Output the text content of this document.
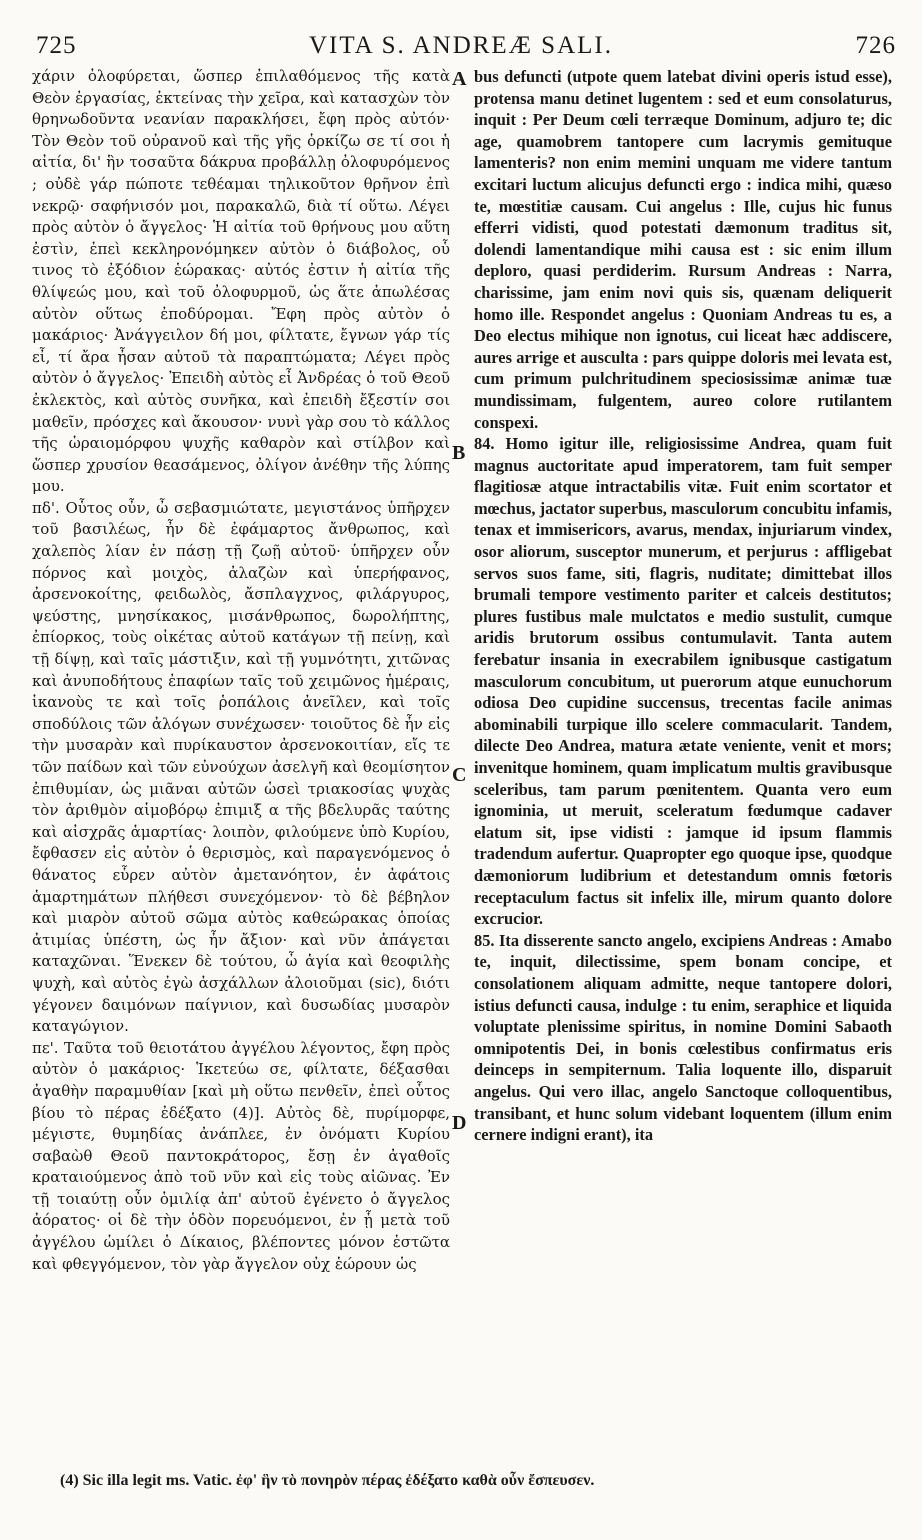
725	VITA S. ANDREÆ SALI.	726

χάριν ὀλοφύρεται, ὥσπερ ἐπιλαθόμενος τῆς κατὰ Θεὸν ἐργασίας, ἐκτείνας τὴν χεῖρα, καὶ κατασχὼν τὸν θρηνωδοῦντα νεανίαν παρακλήσει, ἔφη πρὸς αὐτόν· Τὸν Θεὸν τοῦ οὐρανοῦ καὶ τῆς γῆς ὁρκίζω σε τί σοι ἡ αἰτία, δι' ἣν τοσαῦτα δάκρυα προβάλλῃ ὀλοφυρόμενος ; οὐδὲ γάρ πώποτε τεθέαμαι τηλικοῦτον θρῆνον ἐπὶ νεκρῷ· σαφήνισόν μοι, παρακαλῶ, διὰ τί οὕτω. Λέγει πρὸς αὐτὸν ὁ ἄγγελος· Ἡ αἰτία τοῦ θρήνους μου αὕτη ἐστὶν, ἐπεὶ κεκληρονόμηκεν αὐτὸν ὁ διάβολος, οὗ τινος τὸ ἐξόδιον ἑώρακας· αὐτός ἐστιν ἡ αἰτία τῆς θλίψεώς μου, καὶ τοῦ ὀλοφυρμοῦ, ὡς ἅτε ἀπωλέσας αὐτὸν οὕτως ἐποδύρομαι. Ἔφη πρὸς αὐτὸν ὁ μακάριος· Ἀνάγγειλον δή μοι, φίλτατε, ἔγνων γάρ τίς εἶ, τί ἄρα ἦσαν αὐτοῦ τὰ παραπτώματα; Λέγει πρὸς αὐτὸν ὁ ἄγγελος· Ἐπειδὴ αὐτὸς εἶ Ἀνδρέας ὁ τοῦ Θεοῦ ἐκλεκτὸς, καὶ αὐτὸς συνῆκα, καὶ ἐπειδὴ ἔξεστίν σοι μαθεῖν, πρόσχες καὶ ἄκουσον· νυνὶ γὰρ σου τὸ κάλλος τῆς ὡραιομόρφου ψυχῆς καθαρὸν καὶ στίλβον καὶ ὥσπερ χρυσίον θεασάμενος, ὀλίγον ἀνέθην τῆς λύπης μου.

πδ'. Οὗτος οὖν, ὦ σεβασμιώτατε, μεγιστάνος ὑπῆρχεν τοῦ βασιλέως, ἦν δὲ ἐφάμαρτος ἄνθρωπος, καὶ χαλεπὸς λίαν ἐν πάσῃ τῇ ζωῇ αὐτοῦ· ὑπῆρχεν οὖν πόρνος καὶ μοιχὸς, ἀλαζὼν καὶ ὑπερήφανος, ἀρσενοκοίτης, φειδωλὸς, ἄσπλαγχνος, φιλάργυρος, ψεύστης, μνησίκακος, μισάνθρωπος, δωρολήπτης, ἐπίορκος, τοὺς οἰκέτας αὐτοῦ κατάγων τῇ πείνῃ, καὶ τῇ δίψῃ, καὶ ταῖς μάστιξιν, καὶ τῇ γυμνότητι, χιτῶνας καὶ ἀνυποδήτους ἐπαφίων ταῖς τοῦ χειμῶνος ἡμέραις, ἱκανοὺς τε καὶ τοῖς ῥοπάλοις ἀνεῖλεν, καὶ τοῖς σποδύλοις τῶν ἀλόγων συνέχωσεν· τοιοῦτος δὲ ἦν εἰς τὴν μυσαρὰν καὶ πυρίκαυστον ἀρσενοκοιτίαν, εἴς τε τῶν παίδων καὶ τῶν εὐνούχων ἀσελγῆ καὶ θεομίσητον ἐπιθυμίαν, ὡς μιᾶναι αὐτῶν ὡσεὶ τριακοσίας ψυχὰς τὸν ἀριθμὸν αἱμοβόρῳ ἐπιμιξ α τῆς βδελυρᾶς ταύτης καὶ αἰσχρᾶς ἁμαρτίας· λοιπὸν, φιλούμενε ὑπὸ Κυρίου, ἔφθασεν εἰς αὐτὸν ὁ θερισμὸς, καὶ παραγενόμενος ὁ θάνατος εὗρεν αὐτὸν ἀμετανόητον, ἐν ἀφάτοις ἁμαρτημάτων πλήθεσι συνεχόμενον· τὸ δὲ βέβηλον καὶ μιαρὸν αὐτοῦ σῶμα αὐτὸς καθεώρακας ὁποίας ἀτιμίας ὑπέστη, ὡς ἦν ἄξιον· καὶ νῦν ἀπάγεται καταχῶναι. Ἕνεκεν δὲ τούτου, ὦ ἁγία καὶ θεοφιλὴς ψυχὴ, καὶ αὐτὸς ἐγὼ ἀσχάλλων ἀλοιοῦμαι (sic), διότι γέγονεν δαιμόνων παίγνιον, καὶ δυσωδίας μυσαρὸν καταγώγιον.

πε'. Ταῦτα τοῦ θειοτάτου ἀγγέλου λέγοντος, ἔφη πρὸς αὐτὸν ὁ μακάριος· Ἱκετεύω σε, φίλτατε, δέξασθαι ἀγαθὴν παραμυθίαν [καὶ μὴ οὕτω πενθεῖν, ἐπεὶ οὗτος βίου τὸ πέρας ἐδέξατο (4)]. Αὐτὸς δὲ, πυρίμορφε, μέγιστε, θυμηδίας ἀνάπλεε, ἐν ὀνόματι Κυρίου σαβαὼθ Θεοῦ παντοκράτορος, ἔσῃ ἐν ἀγαθοῖς κραταιούμενος ἀπὸ τοῦ νῦν καὶ εἰς τοὺς αἰῶνας. Ἐν τῇ τοιαύτῃ οὖν ὁμιλίᾳ ἀπ' αὐτοῦ ἐγένετο ὁ ἄγγελος ἀόρατος· οἱ δὲ τὴν ὁδὸν πορευόμενοι, ἐν ᾗ μετὰ τοῦ ἀγγέλου ὡμίλει ὁ Δίκαιος, βλέποντες μόνον ἑστῶτα καὶ φθεγγόμενον, τὸν γὰρ ἄγγελον οὐχ ἑώρουν ὡς

A
B
C
D

bus defuncti (utpote quem latebat divini operis istud esse), protensa manu detinet lugentem : sed et eum consolaturus, inquit : Per Deum cœli terræque Dominum, adjuro te; dic age, quamobrem tantopere cum lacrymis gemituque lamenteris? non enim memini unquam me videre tantum excitari luctum alicujus defuncti ergo : indica mihi, quæso te, mœstitiæ causam. Cui angelus : Ille, cujus hic funus efferri vidisti, quod potestati dæmonum traditus sit, dolendi lamentandique mihi causa est : sic enim illum deploro, quasi perdiderim. Rursum Andreas : Narra, charissime, jam enim novi quis sis, quænam deliquerit homo ille. Respondet angelus : Quoniam Andreas tu es, a Deo electus mihique non ignotus, cui liceat hæc addiscere, aures arrige et ausculta : pars quippe doloris mei levata est, cum primum pulchritudinem speciosissimæ animæ tuæ mundissimam, fulgentem, aureo colore rutilantem conspexi.

84. Homo igitur ille, religiosissime Andrea, quam fuit magnus auctoritate apud imperatorem, tam fuit semper flagitiosæ atque intractabilis vitæ. Fuit enim scortator et mœchus, jactator superbus, masculorum concubitu infamis, tenax et immisericors, avarus, mendax, injuriarum vindex, osor aliorum, susceptor munerum, et perjurus : affligebat servos suos fame, siti, flagris, nuditate; dimittebat illos brumali tempore vestimento pariter et calceis destitutos; plures fustibus male mulctatos e medio sustulit, cumque aridis brutorum ossibus contumulavit. Tanta autem ferebatur insania in execrabilem ignibusque castigatum masculorum concubitum, ut puerorum atque eunuchorum odiosa Deo cupidine succensus, trecentas facile animas abominabili turpique illo scelere commacularit. Tandem, dilecte Deo Andrea, matura ætate veniente, venit et mors; invenitque hominem, quam implicatum multis gravibusque sceleribus, tam parum pœnitentem. Quanta vero eum ignominia, ut meruit, sceleratum fœdumque cadaver elatum sit, ipse vidisti : jamque id ipsum flammis tradendum aufertur. Quapropter ego quoque ipse, quodque dæmoniorum ludibrium et detestandum omnis fœtoris receptaculum factus sit infelix ille, mirum quanto dolore excrucior.

85. Ita disserente sancto angelo, excipiens Andreas : Amabo te, inquit, dilectissime, spem bonam concipe, et consolationem aliquam admitte, neque tantopere dolori, istius defuncti causa, indulge : tu enim, seraphice et liquida voluptate plenissime spiritus, in nomine Domini Sabaoth omnipotentis Dei, in bonis cœlestibus confirmatus eris deinceps in sempiternum. Talia loquente illo, disparuit angelus. Qui vero illac, angelo Sanctoque colloquentibus, transibant, et hunc solum videbant loquentem (illum enim cernere indigni erant), ita

(4) Sic illa legit ms. Vatic. ἐφ' ἣν τὸ πονηρὸν πέρας ἐδέξατο καθὰ οὖν ἔσπευσεν.
